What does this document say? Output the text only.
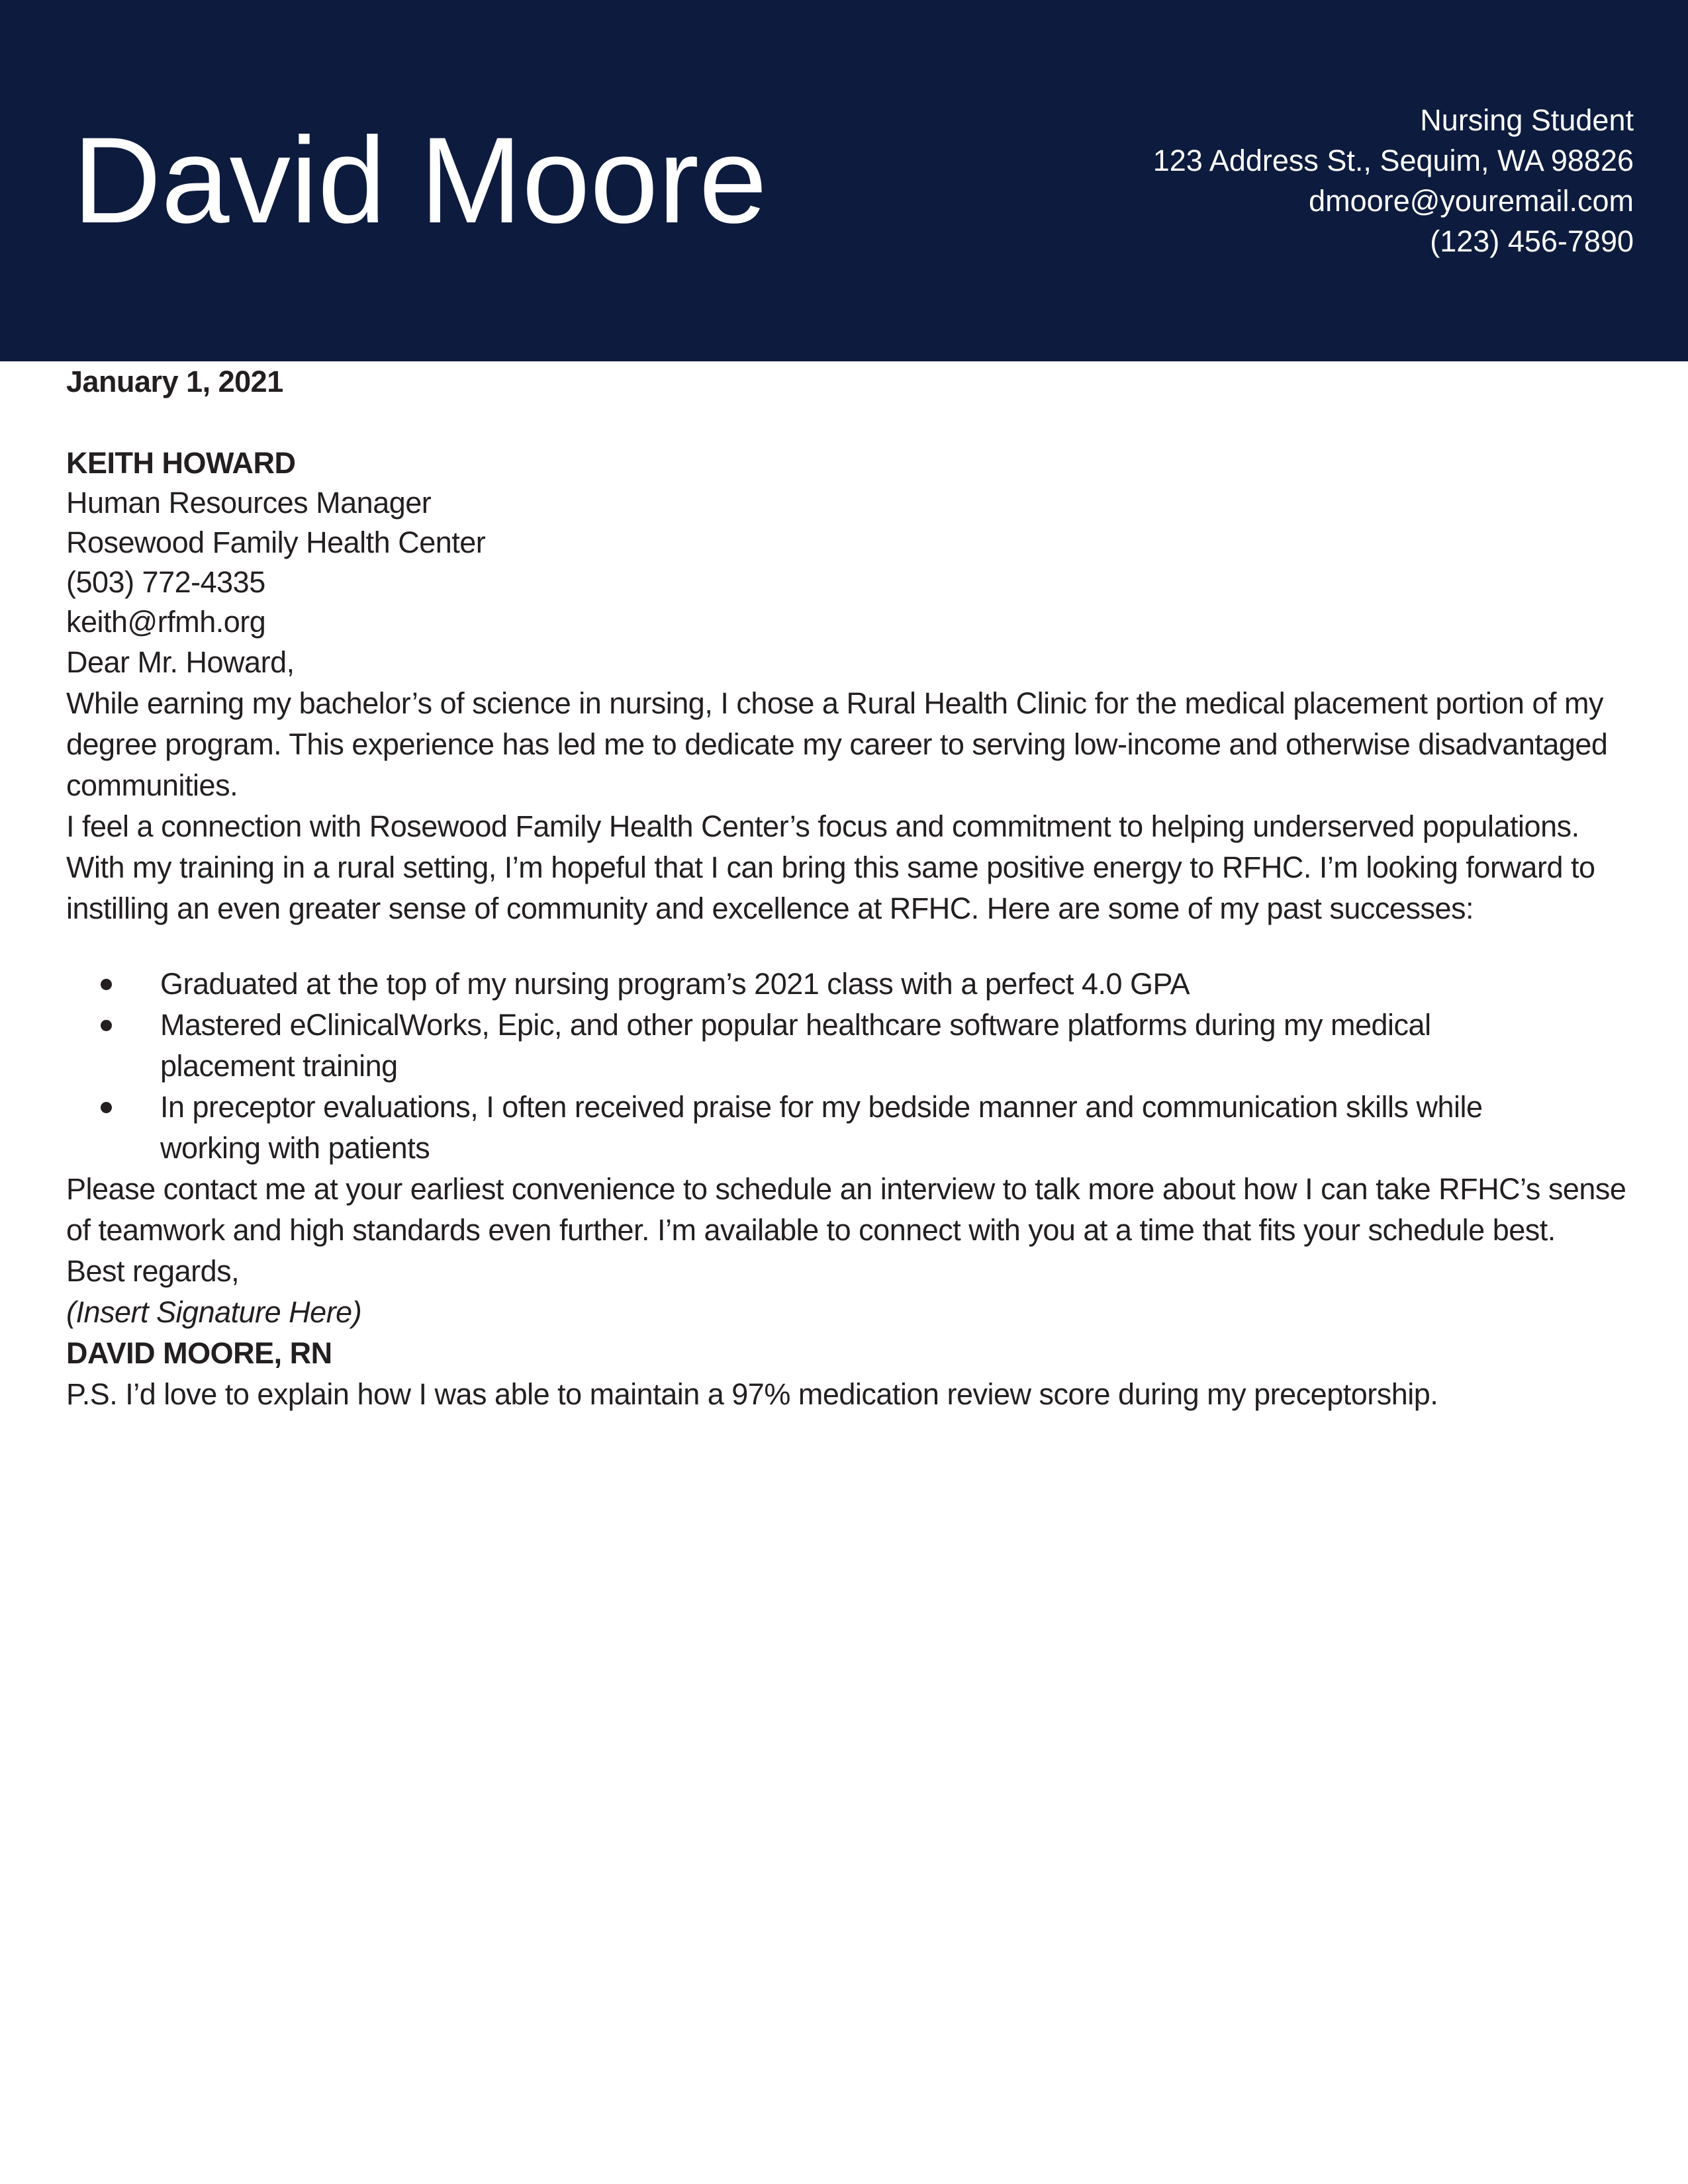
David Moore	Nursing Student
123 Address St., Sequim, WA 98826
dmoore@youremail.com
(123) 456-7890

January 1, 2021

KEITH HOWARD

Human Resources Manager

Rosewood Family Health Center

(503) 772-4335

keith@rfmh.org

Dear Mr. Howard,

While earning my bachelor’s of science in nursing, I chose a Rural Health Clinic for the medical placement portion of my degree program. This experience has led me to dedicate my career to serving low-income and otherwise disadvantaged communities.

I feel a connection with Rosewood Family Health Center’s focus and commitment to helping underserved populations. With my training in a rural setting, I’m hopeful that I can bring this same positive energy to RFHC. I’m looking forward to instilling an even greater sense of community and excellence at RFHC. Here are some of my past successes:

Graduated at the top of my nursing program’s 2021 class with a perfect 4.0 GPA
Mastered eClinicalWorks, Epic, and other popular healthcare software platforms during my medical placement training
In preceptor evaluations, I often received praise for my bedside manner and communication skills while working with patients

Please contact me at your earliest convenience to schedule an interview to talk more about how I can take RFHC’s sense of teamwork and high standards even further. I’m available to connect with you at a time that fits your schedule best.

Best regards,

(Insert Signature Here)

DAVID MOORE, RN

P.S. I’d love to explain how I was able to maintain a 97% medication review score during my preceptorship.
